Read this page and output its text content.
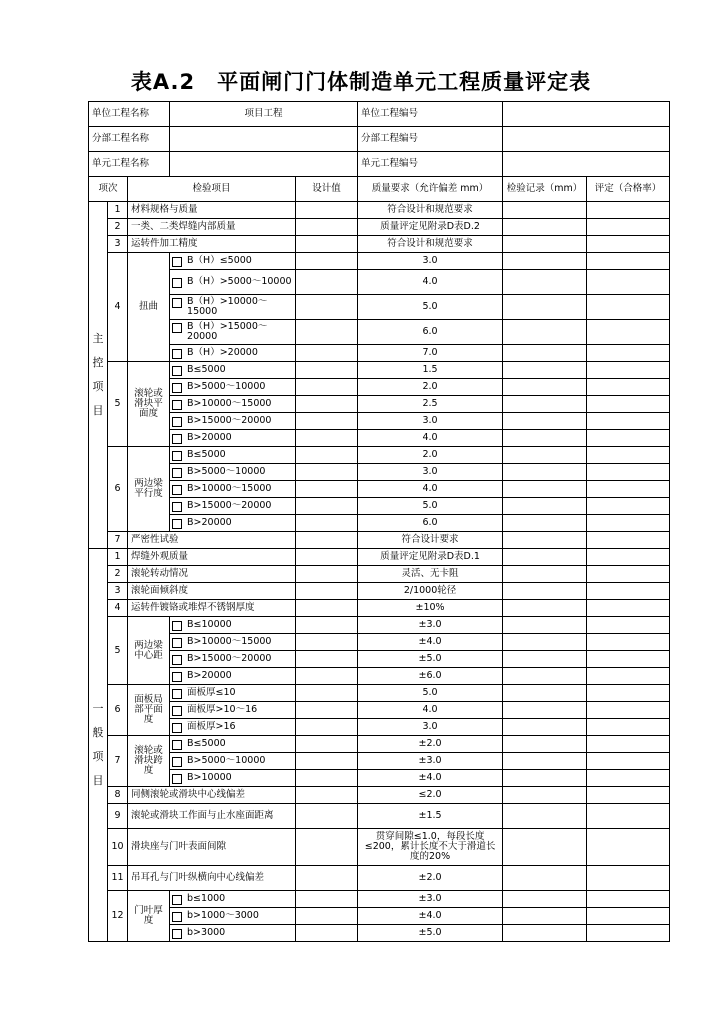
表A.2　平面闸门门体制造单元工程质量评定表
单位工程名称			项目工程		单位工程编号		
分部工程名称					分部工程编号		
单元工程名称					单元工程编号		
项次		检验项目		设计值	质量要求（允许偏差 mm）	检验记录（mm）	评定（合格率）

主
控
项
目	1	材料规格与质量			符合设计和规范要求		
	2	一类、二类焊缝内部质量			质量评定见附录D表D.2		
	3	运转件加工精度			符合设计和规范要求		
	4	扭曲	B（H）≤5000		3.0		

			B（H）>5000～10000		4.0		

			B（H）>10000～15000		5.0		

			B（H）>15000～20000		6.0		

			B（H）>20000		7.0		
	5	滚轮或滑块平面度	B≤5000		1.5		

			B>5000～10000		2.0		

			B>10000～15000		2.5		

			B>15000～20000		3.0		

			B>20000		4.0		
	6	两边梁平行度	B≤5000		2.0		

			B>5000～10000		3.0		

			B>10000～15000		4.0		

			B>15000～20000		5.0		

			B>20000		6.0		
	7	严密性试验			符合设计要求		

一
般
项
目	1	焊缝外观质量			质量评定见附录D表D.1		
	2	滚轮转动情况			灵活、无卡阻		
	3	滚轮面倾斜度			2/1000轮径		
	4	运转件镀铬或堆焊不锈钢厚度			±10%		
	5	两边梁中心距	B≤10000		±3.0		

			B>10000～15000		±4.0		

			B>15000～20000		±5.0		

			B>20000		±6.0		
	6	面板局部平面度	面板厚≤10		5.0		

			面板厚>10～16		4.0		

			面板厚>16		3.0		
	7	滚轮或滑块跨度	B≤5000		±2.0		

			B>5000～10000		±3.0		

			B>10000		±4.0		
	8	同侧滚轮或滑块中心线偏差			≤2.0		
	9	滚轮或滑块工作面与止水座面距离			±1.5		
	10	滑块座与门叶表面间隙			贯穿间隙≤1.0，每段长度≤200，累计长度不大于滑道长度的20%		
	11	吊耳孔与门叶纵横向中心线偏差			±2.0		
	12	门叶厚度	b≤1000		±3.0		

			b>1000～3000		±4.0		

			b>3000		±5.0		
